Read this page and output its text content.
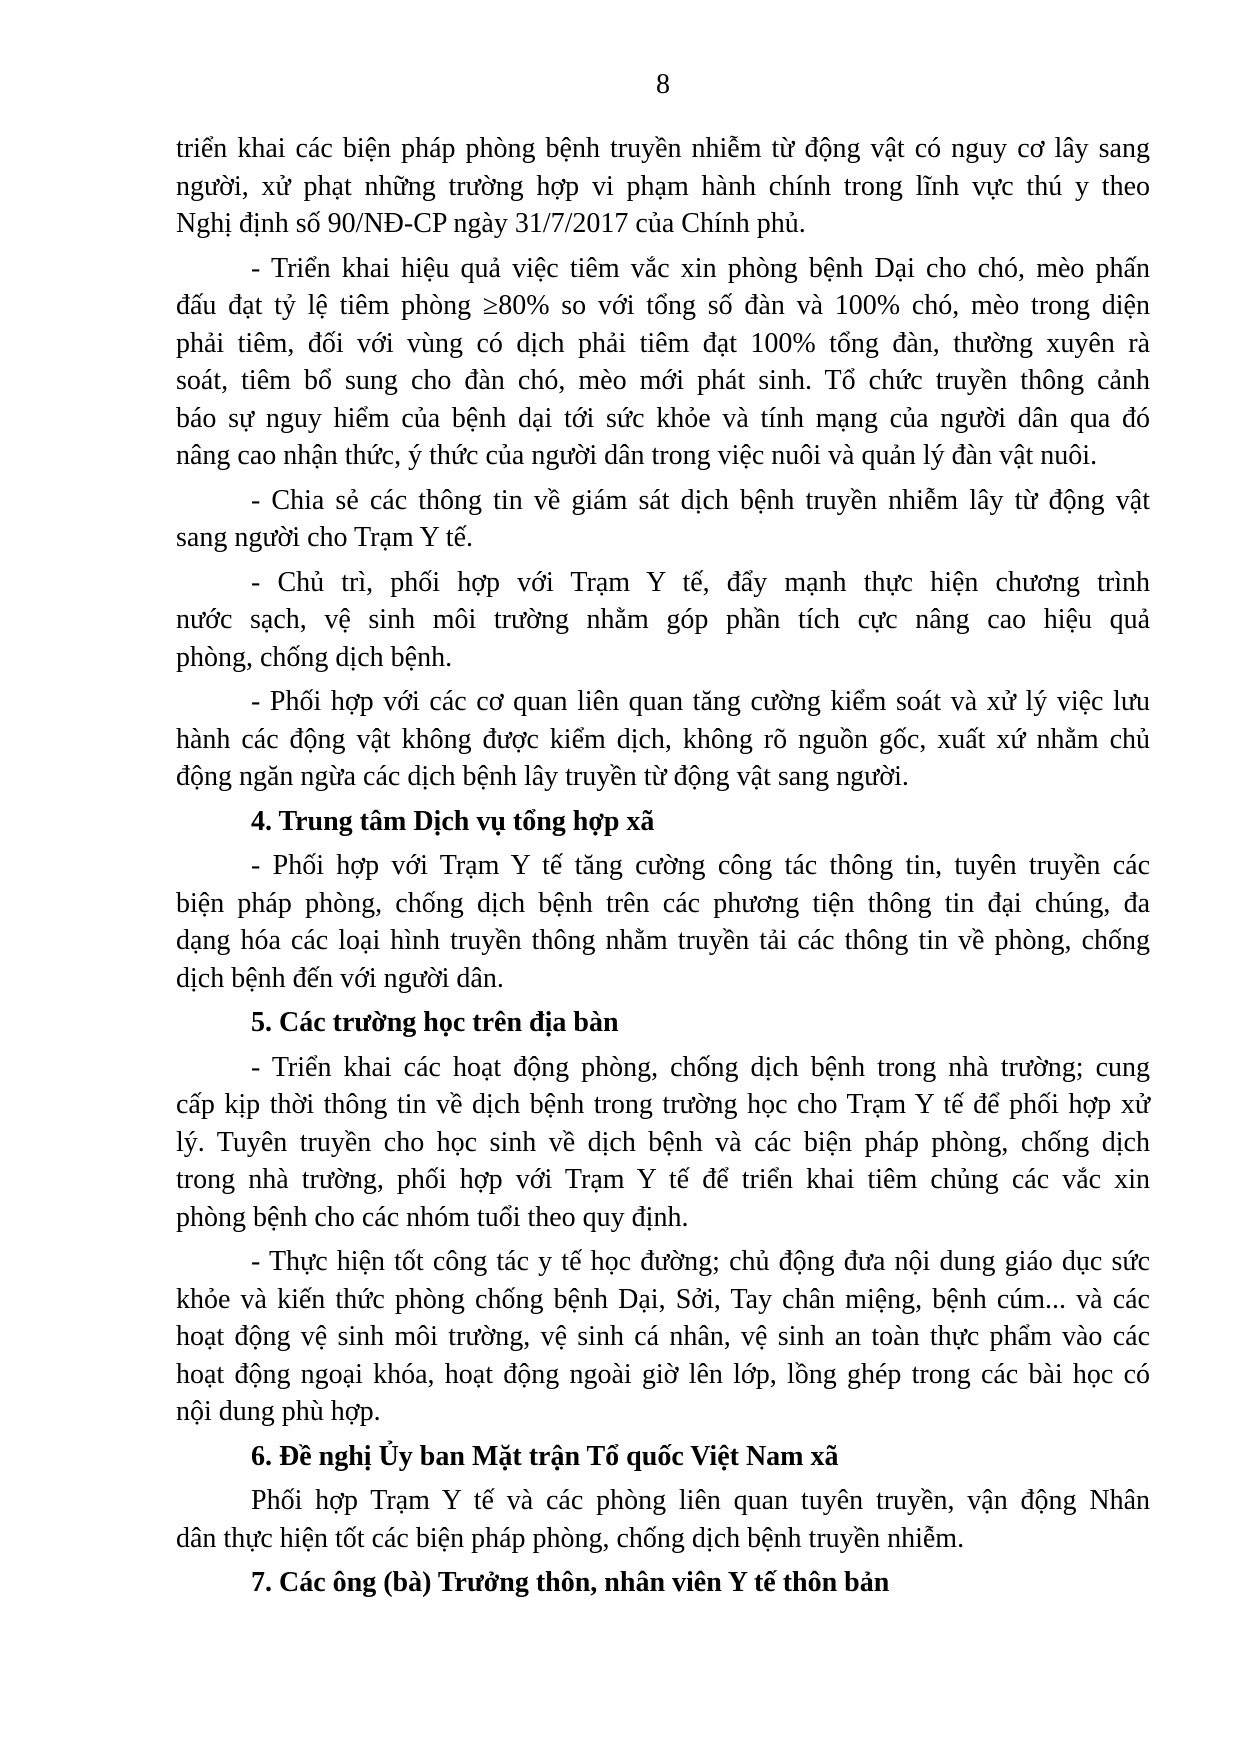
8
triển khai các biện pháp phòng bệnh truyền nhiễm từ động vật có nguy cơ lây sang
người, xử phạt những trường hợp vi phạm hành chính trong lĩnh vực thú y theo
Nghị định số 90/NĐ-CP ngày 31/7/2017 của Chính phủ.
- Triển khai hiệu quả việc tiêm vắc xin phòng bệnh Dại cho chó, mèo phấn
đấu đạt tỷ lệ tiêm phòng ≥80% so với tổng số đàn và 100% chó, mèo trong diện
phải tiêm, đối với vùng có dịch phải tiêm đạt 100% tổng đàn, thường xuyên rà
soát, tiêm bổ sung cho đàn chó, mèo mới phát sinh. Tổ chức truyền thông cảnh
báo sự nguy hiểm của bệnh dại tới sức khỏe và tính mạng của người dân qua đó
nâng cao nhận thức, ý thức của người dân trong việc nuôi và quản lý đàn vật nuôi.
- Chia sẻ các thông tin về giám sát dịch bệnh truyền nhiễm lây từ động vật
sang người cho Trạm Y tế.
- Chủ trì, phối hợp với Trạm Y tế, đẩy mạnh thực hiện chương trình
nước sạch, vệ sinh môi trường nhằm góp phần tích cực nâng cao hiệu quả
phòng, chống dịch bệnh.
- Phối hợp với các cơ quan liên quan tăng cường kiểm soát và xử lý việc lưu
hành các động vật không được kiểm dịch, không rõ nguồn gốc, xuất xứ nhằm chủ
động ngăn ngừa các dịch bệnh lây truyền từ động vật sang người.
4. Trung tâm Dịch vụ tổng hợp xã
- Phối hợp với Trạm Y tế tăng cường công tác thông tin, tuyên truyền các
biện pháp phòng, chống dịch bệnh trên các phương tiện thông tin đại chúng, đa
dạng hóa các loại hình truyền thông nhằm truyền tải các thông tin về phòng, chống
dịch bệnh đến với người dân.
5. Các trường học trên địa bàn
- Triển khai các hoạt động phòng, chống dịch bệnh trong nhà trường; cung
cấp kịp thời thông tin về dịch bệnh trong trường học cho Trạm Y tế để phối hợp xử
lý. Tuyên truyền cho học sinh về dịch bệnh và các biện pháp phòng, chống dịch
trong nhà trường, phối hợp với Trạm Y tế để triển khai tiêm chủng các vắc xin
phòng bệnh cho các nhóm tuổi theo quy định.
- Thực hiện tốt công tác y tế học đường; chủ động đưa nội dung giáo dục sức
khỏe và kiến thức phòng chống bệnh Dại, Sởi, Tay chân miệng, bệnh cúm... và các
hoạt động vệ sinh môi trường, vệ sinh cá nhân, vệ sinh an toàn thực phẩm vào các
hoạt động ngoại khóa, hoạt động ngoài giờ lên lớp, lồng ghép trong các bài học có
nội dung phù hợp.
6. Đề nghị Ủy ban Mặt trận Tổ quốc Việt Nam xã
Phối hợp Trạm Y tế và các phòng liên quan tuyên truyền, vận động Nhân
dân thực hiện tốt các biện pháp phòng, chống dịch bệnh truyền nhiễm.
7. Các ông (bà) Trưởng thôn, nhân viên Y tế thôn bản
